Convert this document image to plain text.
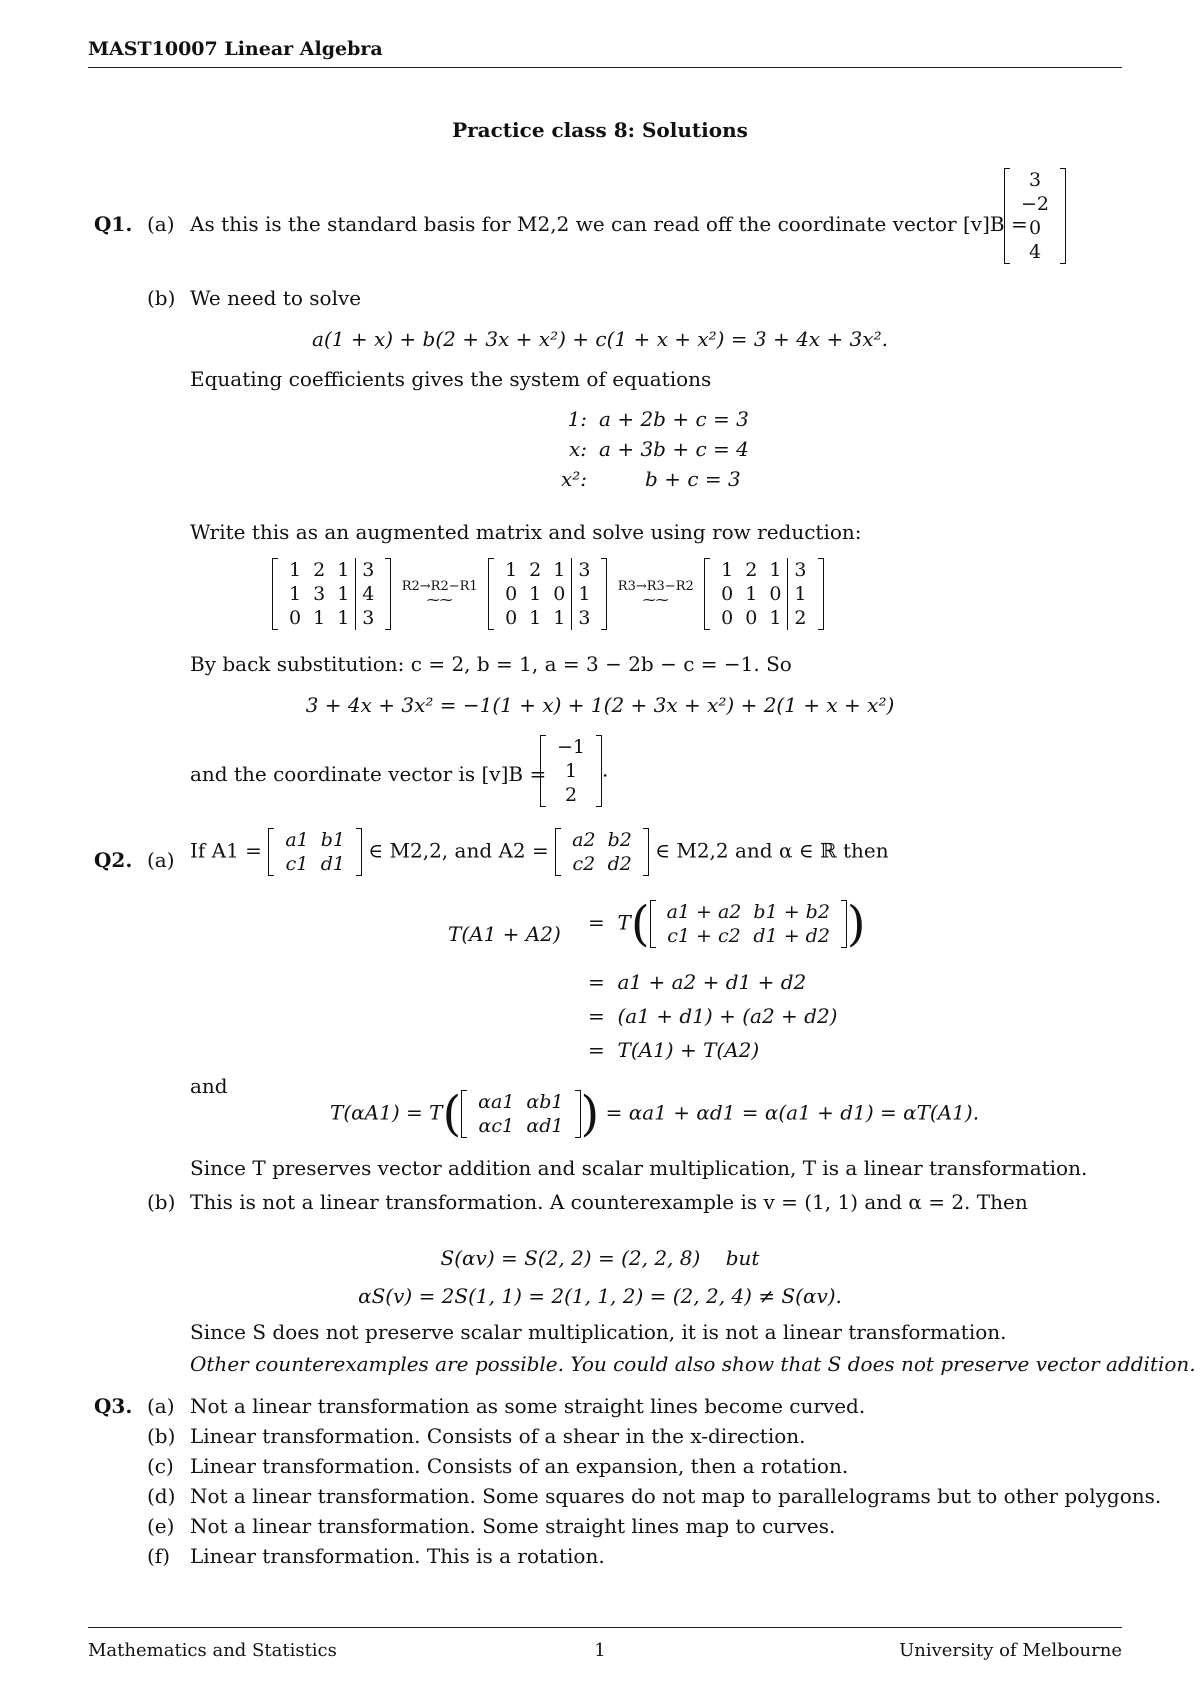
MAST10007 Linear Algebra
Practice class 8: Solutions
Q1. (a) As this is the standard basis for M2,2 we can read off the coordinate vector [v]B =
3
−2
0
4
(b) We need to solve
a(1 + x) + b(2 + 3x + x²) + c(1 + x + x²) = 3 + 4x + 3x².
Equating coefficients gives the system of equations
1:	a + 2b + c = 3
x:	a + 3b + c = 4
x²:	b + c = 3
Write this as an augmented matrix and solve using row reduction:
1	2	1	3
1	3	1	4
0	1	1	3
R2→R2−R1
⁓⁓
1	2	1	3
0	1	0	1
0	1	1	3
R3→R3−R2
⁓⁓
1	2	1	3
0	1	0	1
0	0	1	2
By back substitution: c = 2, b = 1, a = 3 − 2b − c = −1. So
3 + 4x + 3x² = −1(1 + x) + 1(2 + 3x + x²) + 2(1 + x + x²)
and the coordinate vector is [v]B =
−1
1
2
.
Q2. (a) If A1 = a1	b1
c1	d1
∈ M2,2, and A2 = a2	b2
c2	d2
∈ M2,2 and α ∈ ℝ then
T(A1 + A2) =  T( a1 + a2	b1 + b2
c1 + c2	d1 + d2 )
=  a1 + a2 + d1 + d2
=  (a1 + d1) + (a2 + d2)
=  T(A1) + T(A2)
and
T(αA1) = T( αa1	αb1
αc1	αd1 ) = αa1 + αd1 = α(a1 + d1) = αT(A1).
Since T preserves vector addition and scalar multiplication, T is a linear transformation.
(b) This is not a linear transformation. A counterexample is v = (1, 1) and α = 2. Then
S(αv) = S(2, 2) = (2, 2, 8)    but
αS(v) = 2S(1, 1) = 2(1, 1, 2) = (2, 2, 4) ≠ S(αv).
Since S does not preserve scalar multiplication, it is not a linear transformation.
Other counterexamples are possible. You could also show that S does not preserve vector addition.
Q3. (a) Not a linear transformation as some straight lines become curved.
(b) Linear transformation. Consists of a shear in the x-direction.
(c) Linear transformation. Consists of an expansion, then a rotation.
(d) Not a linear transformation. Some squares do not map to parallelograms but to other polygons.
(e) Not a linear transformation. Some straight lines map to curves.
(f) Linear transformation. This is a rotation.
Mathematics and Statistics	1	University of Melbourne
